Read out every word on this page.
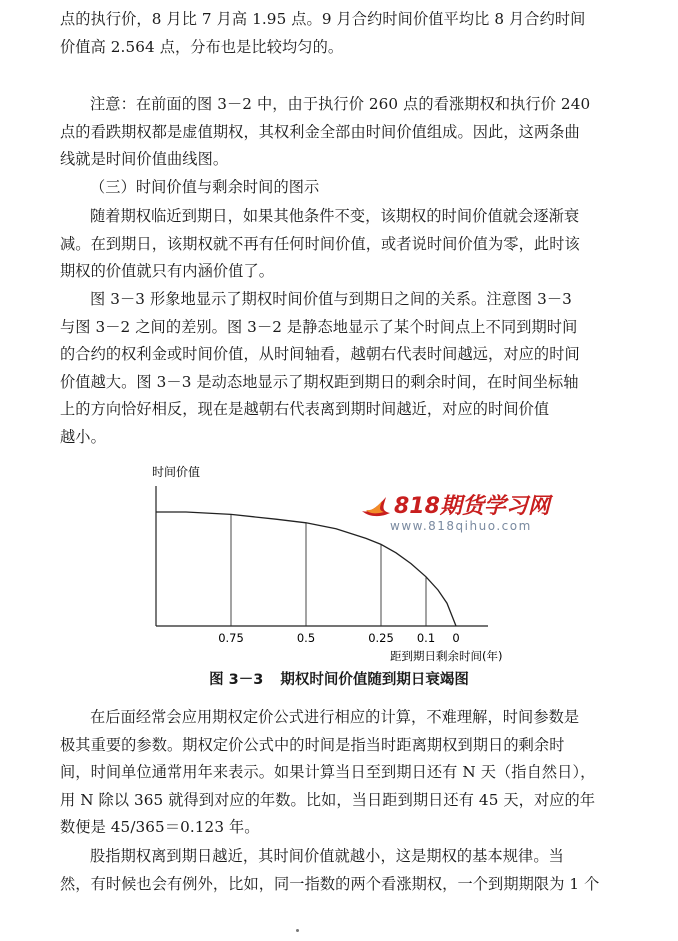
点的执行价，8 月比 7 月高 1.95 点。9 月合约时间价值平均比 8 月合约时间
价值高 2.564 点，分布也是比较均匀的。
注意：在前面的图 3－2 中，由于执行价 260 点的看涨期权和执行价 240
点的看跌期权都是虚值期权，其权利金全部由时间价值组成。因此，这两条曲
线就是时间价值曲线图。
（三）时间价值与剩余时间的图示
随着期权临近到期日，如果其他条件不变，该期权的时间价值就会逐渐衰
减。在到期日，该期权就不再有任何时间价值，或者说时间价值为零，此时该
期权的价值就只有内涵价值了。
图 3－3 形象地显示了期权时间价值与到期日之间的关系。注意图 3－3
与图 3－2 之间的差别。图 3－2 是静态地显示了某个时间点上不同到期时间
的合约的权利金或时间价值，从时间轴看，越朝右代表时间越远，对应的时间
价值越大。图 3－3 是动态地显示了期权距到期日的剩余时间，在时间坐标轴
上的方向恰好相反，现在是越朝右代表离到期时间越近，对应的时间价值
越小。
时间价值
0.75	0.5	0.25 0.1 0
距到期日剩余时间(年)
818期货学习网
www.818qihuo.com
图 3－3 期权时间价值随到期日衰竭图
在后面经常会应用期权定价公式进行相应的计算，不难理解，时间参数是
极其重要的参数。期权定价公式中的时间是指当时距离期权到期日的剩余时
间，时间单位通常用年来表示。如果计算当日至到期日还有 N 天（指自然日），
用 N 除以 365 就得到对应的年数。比如，当日距到期日还有 45 天，对应的年
数便是 45/365＝0.123 年。
股指期权离到期日越近，其时间价值就越小，这是期权的基本规律。当
然，有时候也会有例外，比如，同一指数的两个看涨期权，一个到期期限为 1 个
